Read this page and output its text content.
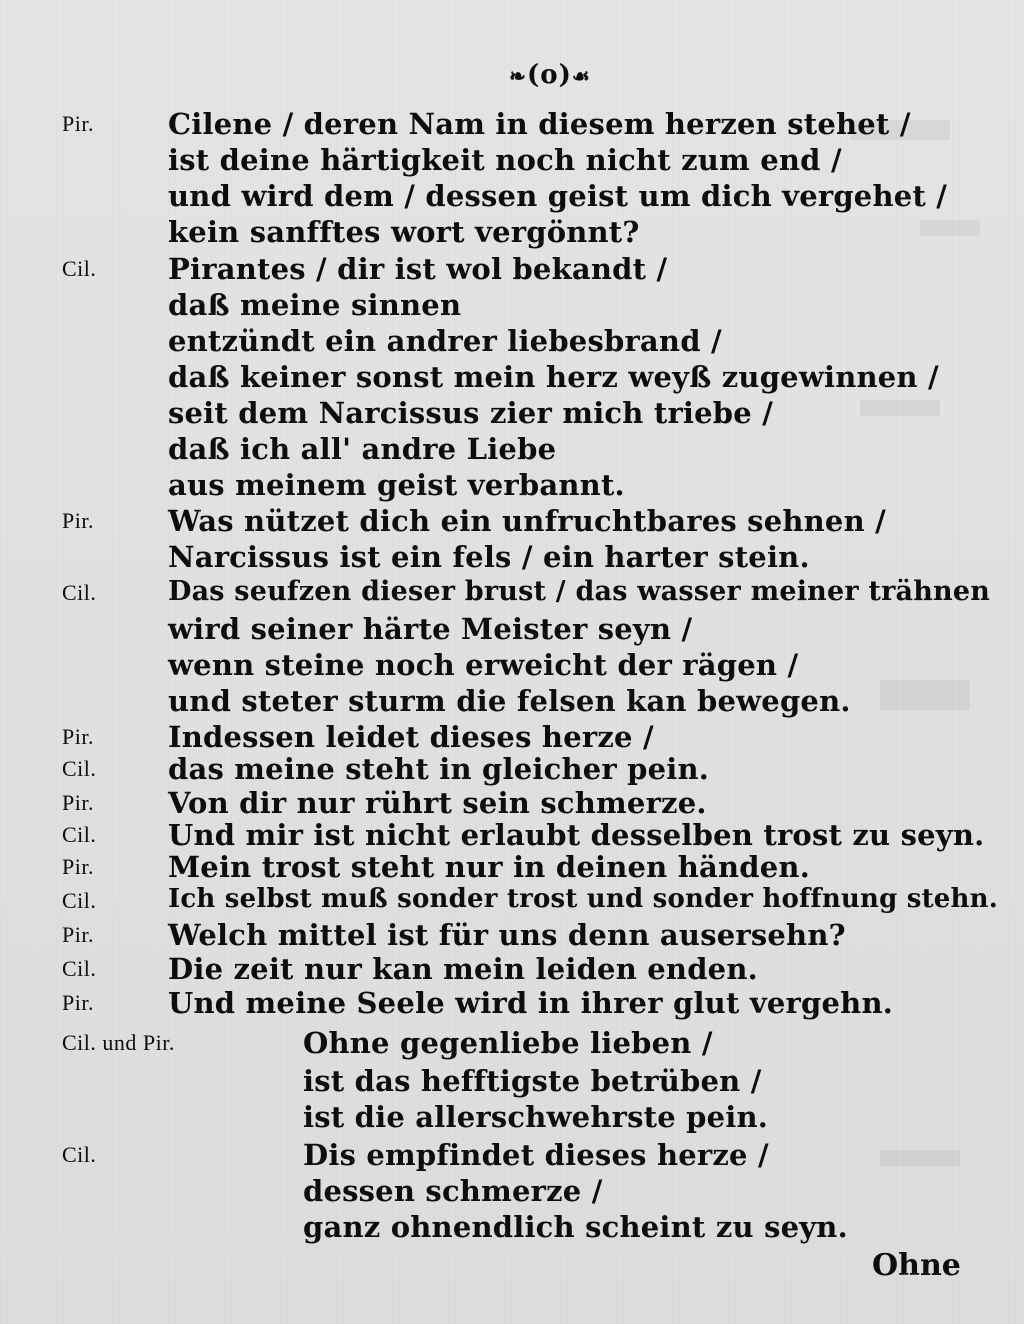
❧(o)☙
Pir.	Cilene / deren Nam in diesem herzen stehet /
ist deine härtigkeit noch nicht zum end /
und wird dem / dessen geist um dich vergehet /
kein sanfftes wort vergönnt?
Cil. Pirantes / dir ist wol bekandt /
daß meine sinnen
entzündt ein andrer liebesbrand /
daß keiner sonst mein herz weyß zugewinnen /
seit dem Narcissus zier mich triebe /
daß ich all' andre Liebe
aus meinem geist verbannt.
Pir.	Was nützet dich ein unfruchtbares sehnen /
Narcissus ist ein fels / ein harter stein.
Cil.	Das seufzen dieser brust / das wasser meiner trähnen
wird seiner härte Meister seyn /
wenn steine noch erweicht der rägen /
und steter sturm die felsen kan bewegen.
Pir.	Indessen leidet dieses herze /
Cil. das meine steht in gleicher pein.
Pir.	Von dir nur rührt sein schmerze.
Cil. Und mir ist nicht erlaubt desselben trost zu seyn.
Pir.	Mein trost steht nur in deinen händen.
Cil.	Ich selbst muß sonder trost und sonder hoffnung stehn.
Pir.	Welch mittel ist für uns denn ausersehn?
Cil. Die zeit nur kan mein leiden enden.
Pir.	Und meine Seele wird in ihrer glut vergehn.
Cil. und Pir.	Ohne gegenliebe lieben /
ist das hefftigste betrüben /
ist die allerschwehrste pein.
Cil.	Dis empfindet dieses herze /
dessen schmerze /
ganz ohnendlich scheint zu seyn.
Ohne
